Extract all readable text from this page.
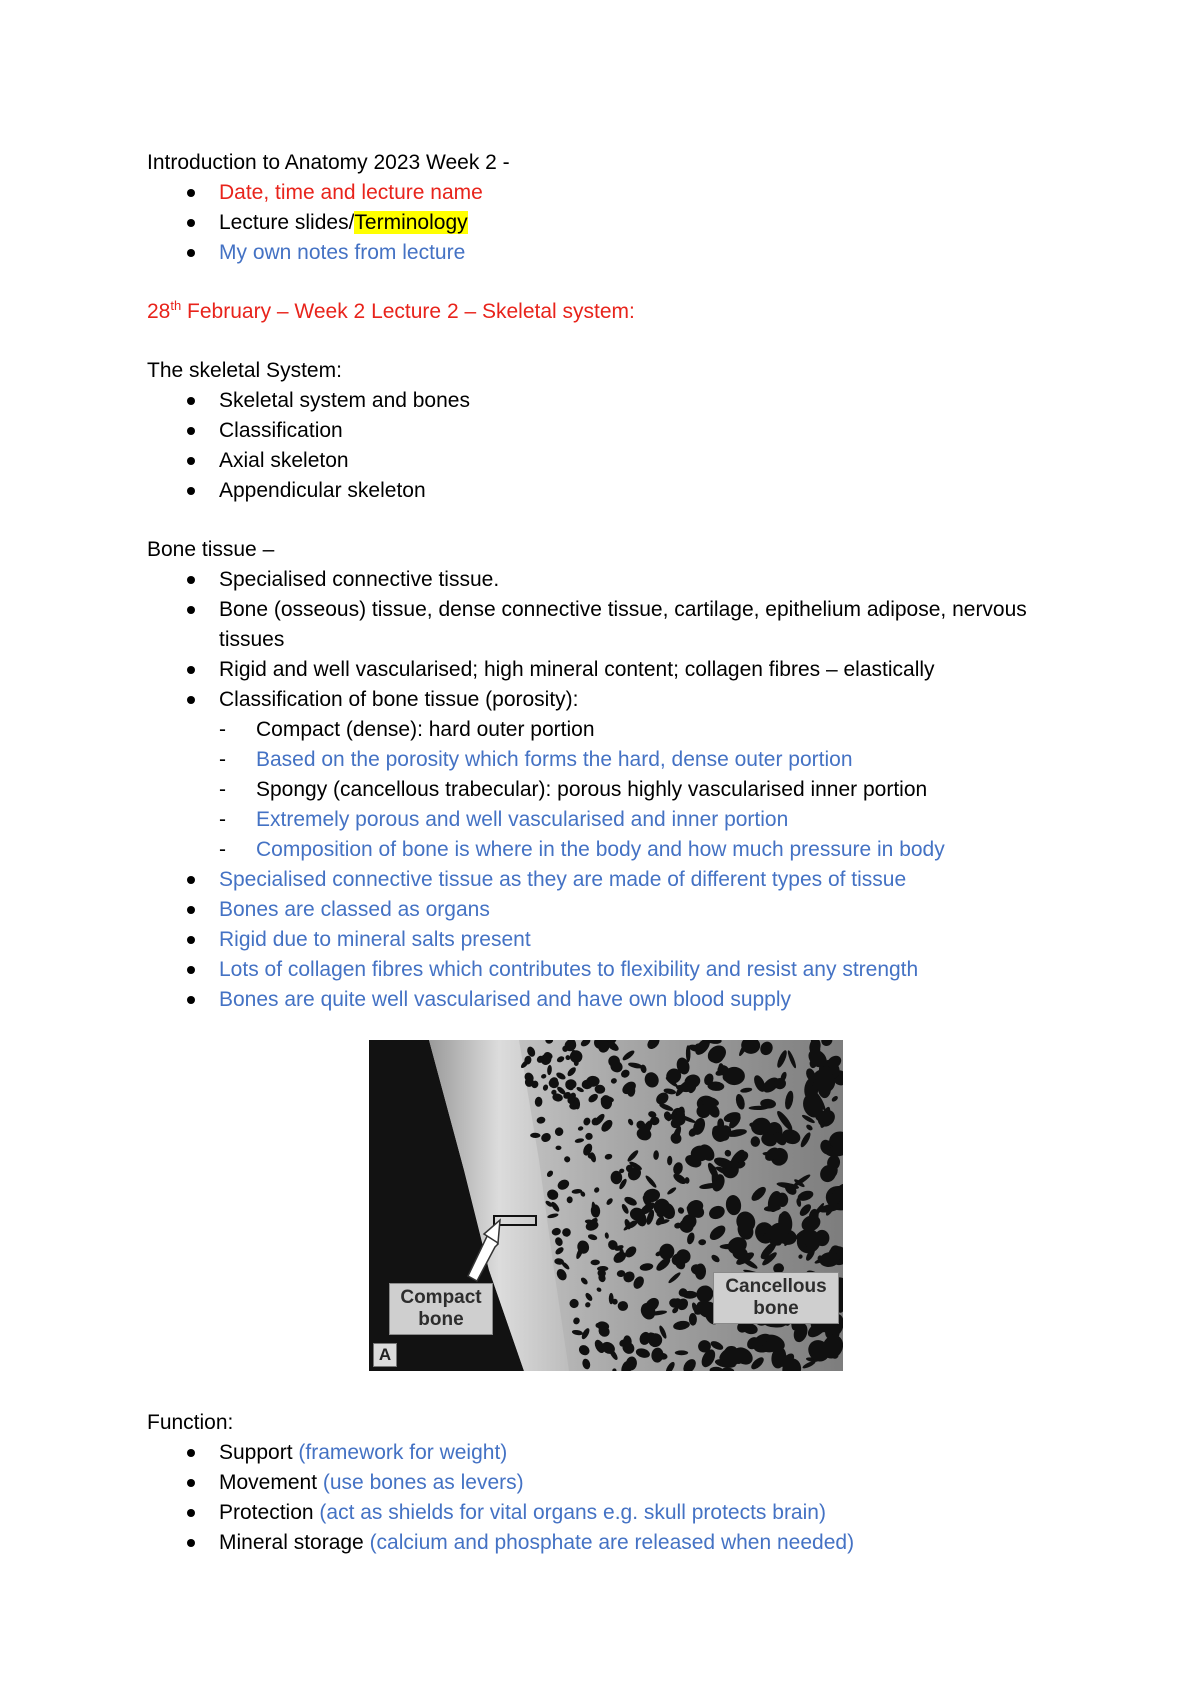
Introduction to Anatomy 2023 Week 2 -

Date, time and lecture name
Lecture slides/Terminology
My own notes from lecture

28th February – Week 2 Lecture 2 – Skeletal system:

The skeletal System:

Skeletal system and bones
Classification
Axial skeleton
Appendicular skeleton

Bone tissue –

Specialised connective tissue.
Bone (osseous) tissue, dense connective tissue, cartilage, epithelium adipose, nervous tissues
Rigid and well vascularised; high mineral content; collagen fibres – elastically
Classification of bone tissue (porosity):
- Compact (dense): hard outer portion
- Based on the porosity which forms the hard, dense outer portion
- Spongy (cancellous trabecular): porous highly vascularised inner portion
- Extremely porous and well vascularised and inner portion
- Composition of bone is where in the body and how much pressure in body
Specialised connective tissue as they are made of different types of tissue
Bones are classed as organs
Rigid due to mineral salts present
Lots of collagen fibres which contributes to flexibility and resist any strength
Bones are quite well vascularised and have own blood supply
Compact bone
Cancellous bone
A

Function:

Support (framework for weight)
Movement (use bones as levers)
Protection (act as shields for vital organs e.g. skull protects brain)
Mineral storage (calcium and phosphate are released when needed)
